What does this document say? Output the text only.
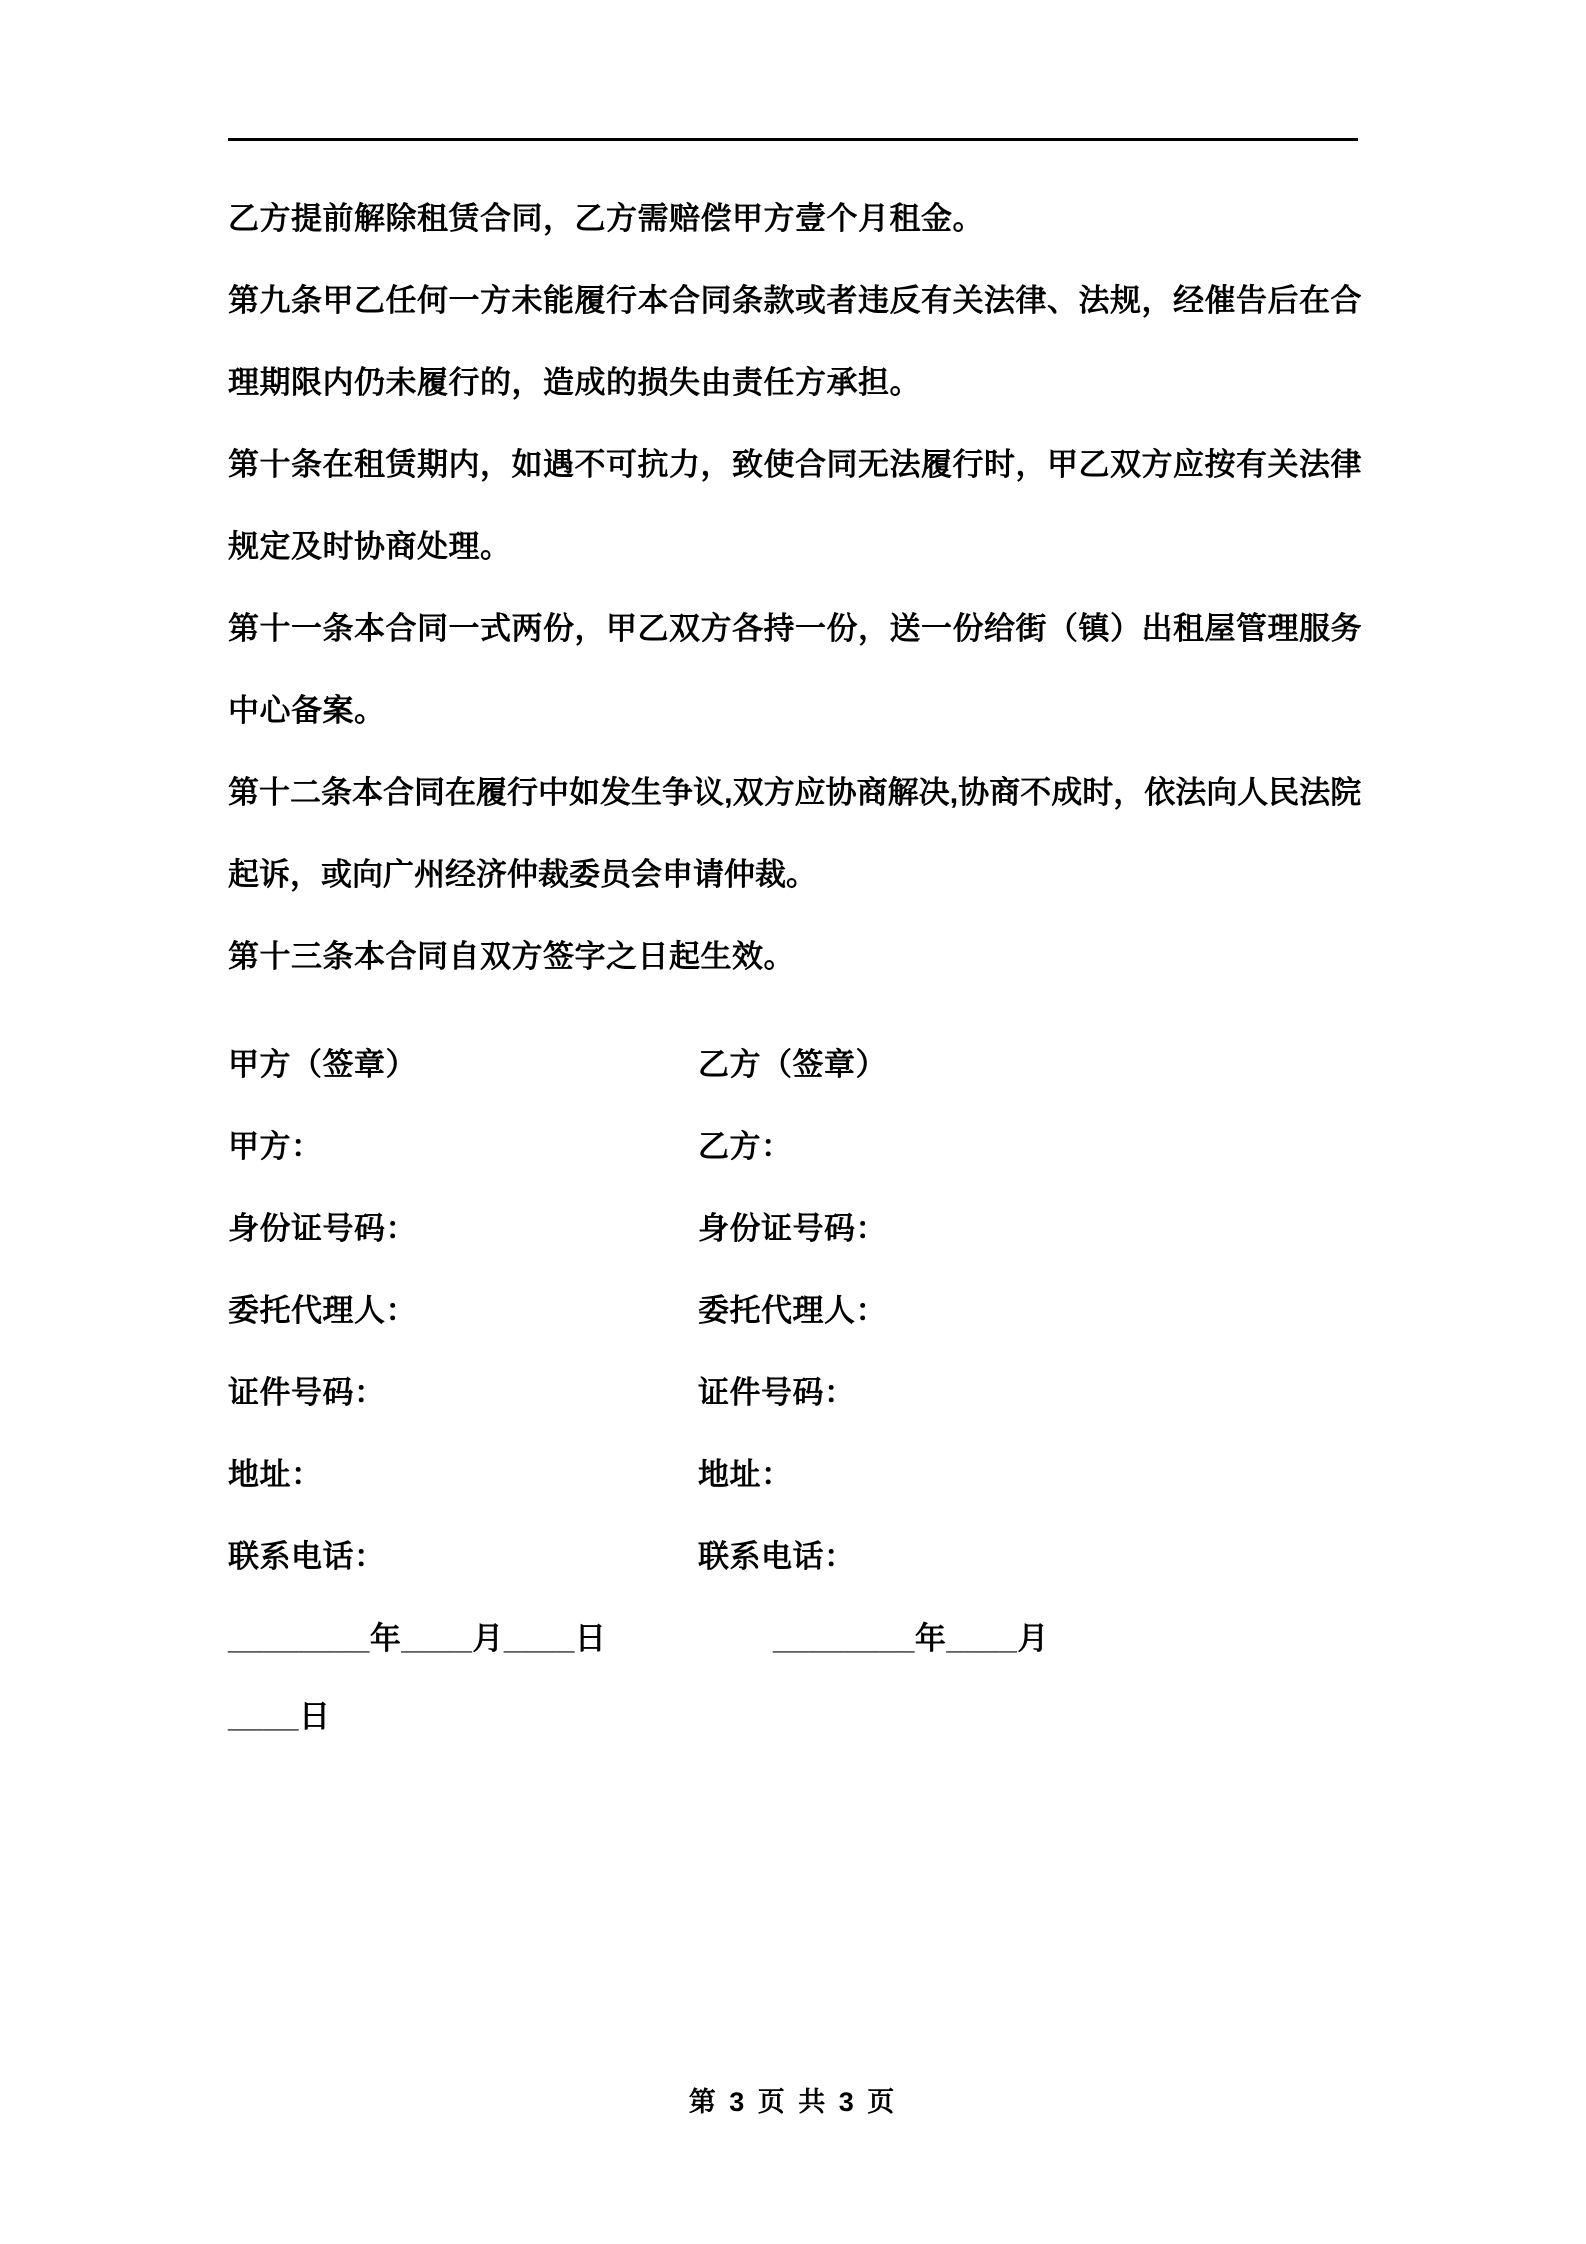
乙方提前解除租赁合同，乙方需赔偿甲方壹个月租金。

第九条甲乙任何一方未能履行本合同条款或者违反有关法律、法规，经催告后在合理期限内仍未履行的，造成的损失由责任方承担。

第十条在租赁期内，如遇不可抗力，致使合同无法履行时，甲乙双方应按有关法律规定及时协商处理。

第十一条本合同一式两份，甲乙双方各持一份，送一份给街（镇）出租屋管理服务中心备案。

第十二条本合同在履行中如发生争议,双方应协商解决,协商不成时，依法向人民法院起诉，或向广州经济仲裁委员会申请仲裁。

第十三条本合同自双方签字之日起生效。

甲方（签章）	乙方（签章）
甲方：	乙方：
身份证号码：	身份证号码：
委托代理人：	委托代理人：
证件号码：	证件号码：
地址：	地址：
联系电话：	联系电话：
________年____月____日	________年____月
____日
第 3 页 共 3 页
